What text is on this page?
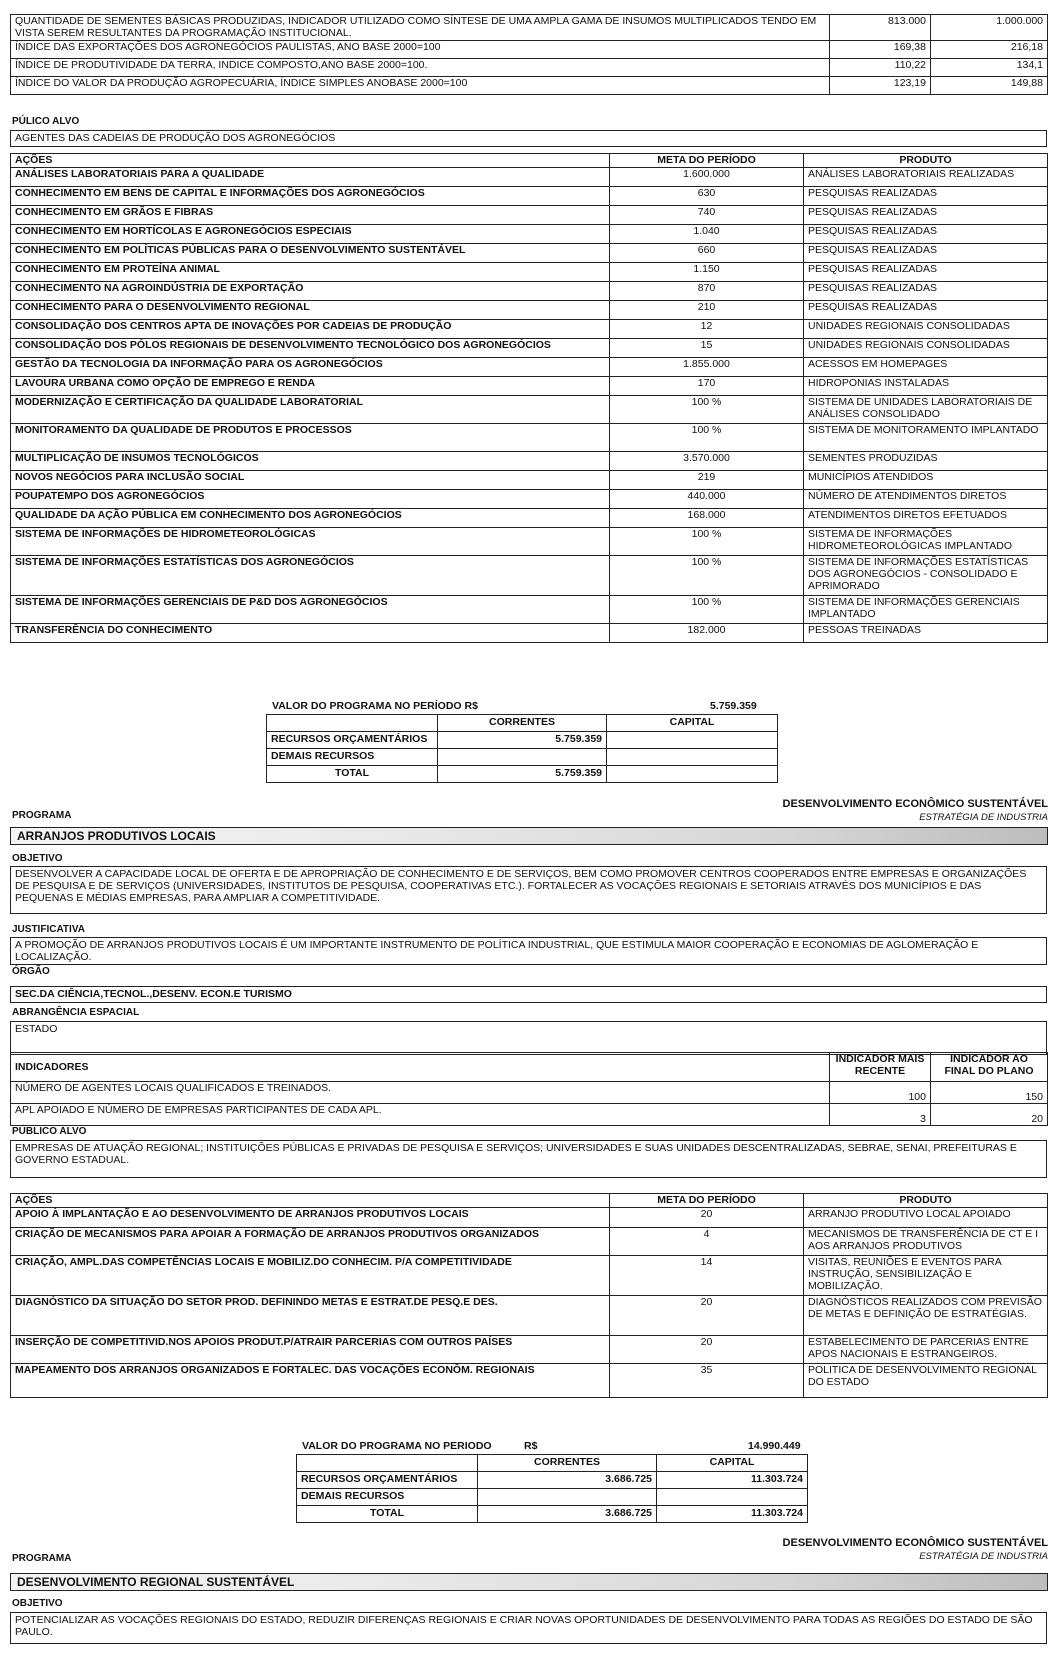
QUANTIDADE DE SEMENTES BÁSICAS PRODUZIDAS, INDICADOR UTILIZADO COMO SÍNTESE DE UMA AMPLA GAMA DE INSUMOS MULTIPLICADOS TENDO EM VISTA SEREM RESULTANTES DA PROGRAMAÇÃO INSTITUCIONAL.	813.000	1.000.000
ÍNDICE DAS EXPORTAÇÕES DOS AGRONEGÓCIOS PAULISTAS, ANO BASE 2000=100	169,38	216,18
ÍNDICE DE PRODUTIVIDADE DA TERRA, INDICE COMPOSTO,ANO BASE 2000=100.	110,22	134,1
ÍNDICE DO VALOR DA PRODUÇÃO AGROPECUÁRIA, ÍNDICE SIMPLES ANOBASE 2000=100	123,19	149,88
PÚLICO ALVO
AGENTES DAS CADEIAS DE PRODUÇÃO DOS AGRONEGÓCIOS
AÇÕES	META DO PERÍODO	PRODUTO
ANÁLISES LABORATORIAIS PARA A QUALIDADE	1.600.000	ANÁLISES LABORATORIAIS REALIZADAS
CONHECIMENTO EM BENS DE CAPITAL E INFORMAÇÕES DOS AGRONEGÓCIOS	630	PESQUISAS REALIZADAS
CONHECIMENTO EM GRÃOS E FIBRAS	740	PESQUISAS REALIZADAS
CONHECIMENTO EM HORTÍCOLAS E AGRONEGÓCIOS ESPECIAIS	1.040	PESQUISAS REALIZADAS
CONHECIMENTO EM POLÍTICAS PÚBLICAS PARA O DESENVOLVIMENTO SUSTENTÁVEL	660	PESQUISAS REALIZADAS
CONHECIMENTO EM PROTEÍNA ANIMAL	1.150	PESQUISAS REALIZADAS
CONHECIMENTO NA AGROINDÚSTRIA DE EXPORTAÇÃO	870	PESQUISAS REALIZADAS
CONHECIMENTO PARA O DESENVOLVIMENTO REGIONAL	210	PESQUISAS REALIZADAS
CONSOLIDAÇÃO DOS CENTROS APTA DE INOVAÇÕES POR CADEIAS DE PRODUÇÃO	12	UNIDADES REGIONAIS CONSOLIDADAS
CONSOLIDAÇÃO DOS PÓLOS REGIONAIS DE DESENVOLVIMENTO TECNOLÓGICO DOS AGRONEGÓCIOS	15	UNIDADES REGIONAIS CONSOLIDADAS
GESTÃO DA TECNOLOGIA DA INFORMAÇÃO PARA OS AGRONEGÓCIOS	1.855.000	ACESSOS EM HOMEPAGES
LAVOURA URBANA COMO OPÇÃO DE EMPREGO E RENDA	170	HIDROPONIAS INSTALADAS
MODERNIZAÇÃO E CERTIFICAÇÃO DA QUALIDADE LABORATORIAL	100 %	SISTEMA DE UNIDADES LABORATORIAIS DE ANÁLISES CONSOLIDADO
MONITORAMENTO DA QUALIDADE DE PRODUTOS E PROCESSOS	100 %	SISTEMA DE MONITORAMENTO IMPLANTADO
MULTIPLICAÇÃO DE INSUMOS TECNOLÓGICOS	3.570.000	SEMENTES PRODUZIDAS
NOVOS NEGÓCIOS PARA INCLUSÃO SOCIAL	219	MUNICÍPIOS ATENDIDOS
POUPATEMPO DOS AGRONEGÓCIOS	440.000	NÚMERO DE ATENDIMENTOS DIRETOS
QUALIDADE DA AÇÃO PÚBLICA EM CONHECIMENTO DOS AGRONEGÓCIOS	168.000	ATENDIMENTOS DIRETOS EFETUADOS
SISTEMA DE INFORMAÇÕES DE HIDROMETEOROLÓGICAS	100 %	SISTEMA DE INFORMAÇÕES HIDROMETEOROLÓGICAS IMPLANTADO
SISTEMA DE INFORMAÇÕES ESTATÍSTICAS DOS AGRONEGÓCIOS	100 %	SISTEMA DE INFORMAÇÕES ESTATÍSTICAS DOS AGRONEGÓCIOS - CONSOLIDADO E APRIMORADO
SISTEMA DE INFORMAÇÕES GERENCIAIS DE P&D DOS AGRONEGÓCIOS	100 %	SISTEMA DE INFORMAÇÕES GERENCIAIS IMPLANTADO
TRANSFERÊNCIA DO CONHECIMENTO	182.000	PESSOAS TREINADAS
VALOR DO PROGRAMA NO PERÍODO R$	5.759.359
	CORRENTES	CAPITAL
RECURSOS ORÇAMENTÁRIOS	5.759.359	
DEMAIS RECURSOS		
TOTAL	5.759.359	
DESENVOLVIMENTO ECONÔMICO SUSTENTÁVEL
ESTRATÉGIA DE INDUSTRIA
PROGRAMA
ARRANJOS PRODUTIVOS LOCAIS
OBJETIVO
DESENVOLVER A CAPACIDADE LOCAL DE OFERTA E DE APROPRIAÇÃO DE CONHECIMENTO E DE SERVIÇOS, BEM COMO PROMOVER CENTROS COOPERADOS ENTRE EMPRESAS E ORGANIZAÇÕES DE PESQUISA E DE SERVIÇOS (UNIVERSIDADES, INSTITUTOS DE PESQUISA, COOPERATIVAS ETC.). FORTALECER AS VOCAÇÕES REGIONAIS E SETORIAIS ATRAVÉS DOS MUNICÍPIOS E DAS PEQUENAS E MÉDIAS EMPRESAS, PARA AMPLIAR A COMPETITIVIDADE.
JUSTIFICATIVA
A PROMOÇÃO DE ARRANJOS PRODUTIVOS LOCAIS É UM IMPORTANTE INSTRUMENTO DE POLÍTICA INDUSTRIAL, QUE ESTIMULA MAIOR COOPERAÇÃO E ECONOMIAS DE AGLOMERAÇÃO E LOCALIZAÇÃO.
ÓRGÃO
SEC.DA CIÊNCIA,TECNOL.,DESENV. ECON.E TURISMO
ABRANGÊNCIA ESPACIAL
ESTADO
INDICADORES	INDICADOR MAIS RECENTE	INDICADOR AO FINAL DO PLANO
NÚMERO DE AGENTES LOCAIS QUALIFICADOS E TREINADOS.	100	150
APL APOIADO E NÚMERO DE EMPRESAS PARTICIPANTES DE CADA APL.	3	20
PÚBLICO ALVO
EMPRESAS DE ATUAÇÃO REGIONAL; INSTITUIÇÕES PÚBLICAS E PRIVADAS DE PESQUISA E SERVIÇOS; UNIVERSIDADES E SUAS UNIDADES DESCENTRALIZADAS, SEBRAE, SENAI, PREFEITURAS E GOVERNO ESTADUAL.
AÇÕES	META DO PERÍODO	PRODUTO
APOIO À IMPLANTAÇÃO E AO DESENVOLVIMENTO DE ARRANJOS PRODUTIVOS LOCAIS	20	ARRANJO PRODUTIVO LOCAL APOIADO
CRIAÇÃO DE MECANISMOS PARA APOIAR A FORMAÇÃO DE ARRANJOS PRODUTIVOS ORGANIZADOS	4	MECANISMOS DE TRANSFERÊNCIA DE CT E I AOS ARRANJOS PRODUTIVOS
CRIAÇÃO, AMPL.DAS COMPETÊNCIAS LOCAIS E MOBILIZ.DO CONHECIM. P/A COMPETITIVIDADE	14	VISITAS, REUNIÕES E EVENTOS PARA INSTRUÇÃO, SENSIBILIZAÇÃO E MOBILIZAÇÃO.
DIAGNÓSTICO DA SITUAÇÃO DO SETOR PROD. DEFININDO METAS E ESTRAT.DE PESQ.E DES.	20	DIAGNÓSTICOS REALIZADOS COM PREVISÃO DE METAS E DEFINIÇÃO DE ESTRATÉGIAS.
INSERÇÃO DE COMPETITIVID.NOS APOIOS PRODUT.P/ATRAIR PARCERIAS COM OUTROS PAÍSES	20	ESTABELECIMENTO DE PARCERIAS ENTRE APOS NACIONAIS E ESTRANGEIROS.
MAPEAMENTO DOS ARRANJOS ORGANIZADOS E FORTALEC. DAS VOCAÇÕES ECONÔM. REGIONAIS	35	POLITICA DE DESENVOLVIMENTO REGIONAL DO ESTADO
VALOR DO PROGRAMA NO PERIODO	R$	14.990.449
	CORRENTES	CAPITAL
RECURSOS ORÇAMENTÁRIOS	3.686.725	11.303.724
DEMAIS RECURSOS		
TOTAL	3.686.725	11.303.724
DESENVOLVIMENTO ECONÔMICO SUSTENTÁVEL
ESTRATÉGIA DE INDUSTRIA
PROGRAMA
DESENVOLVIMENTO REGIONAL SUSTENTÁVEL
OBJETIVO
POTENCIALIZAR AS VOCAÇÕES REGIONAIS DO ESTADO, REDUZIR DIFERENÇAS REGIONAIS E CRIAR NOVAS OPORTUNIDADES DE DESENVOLVIMENTO PARA TODAS AS REGIÕES DO ESTADO DE SÃO PAULO.
